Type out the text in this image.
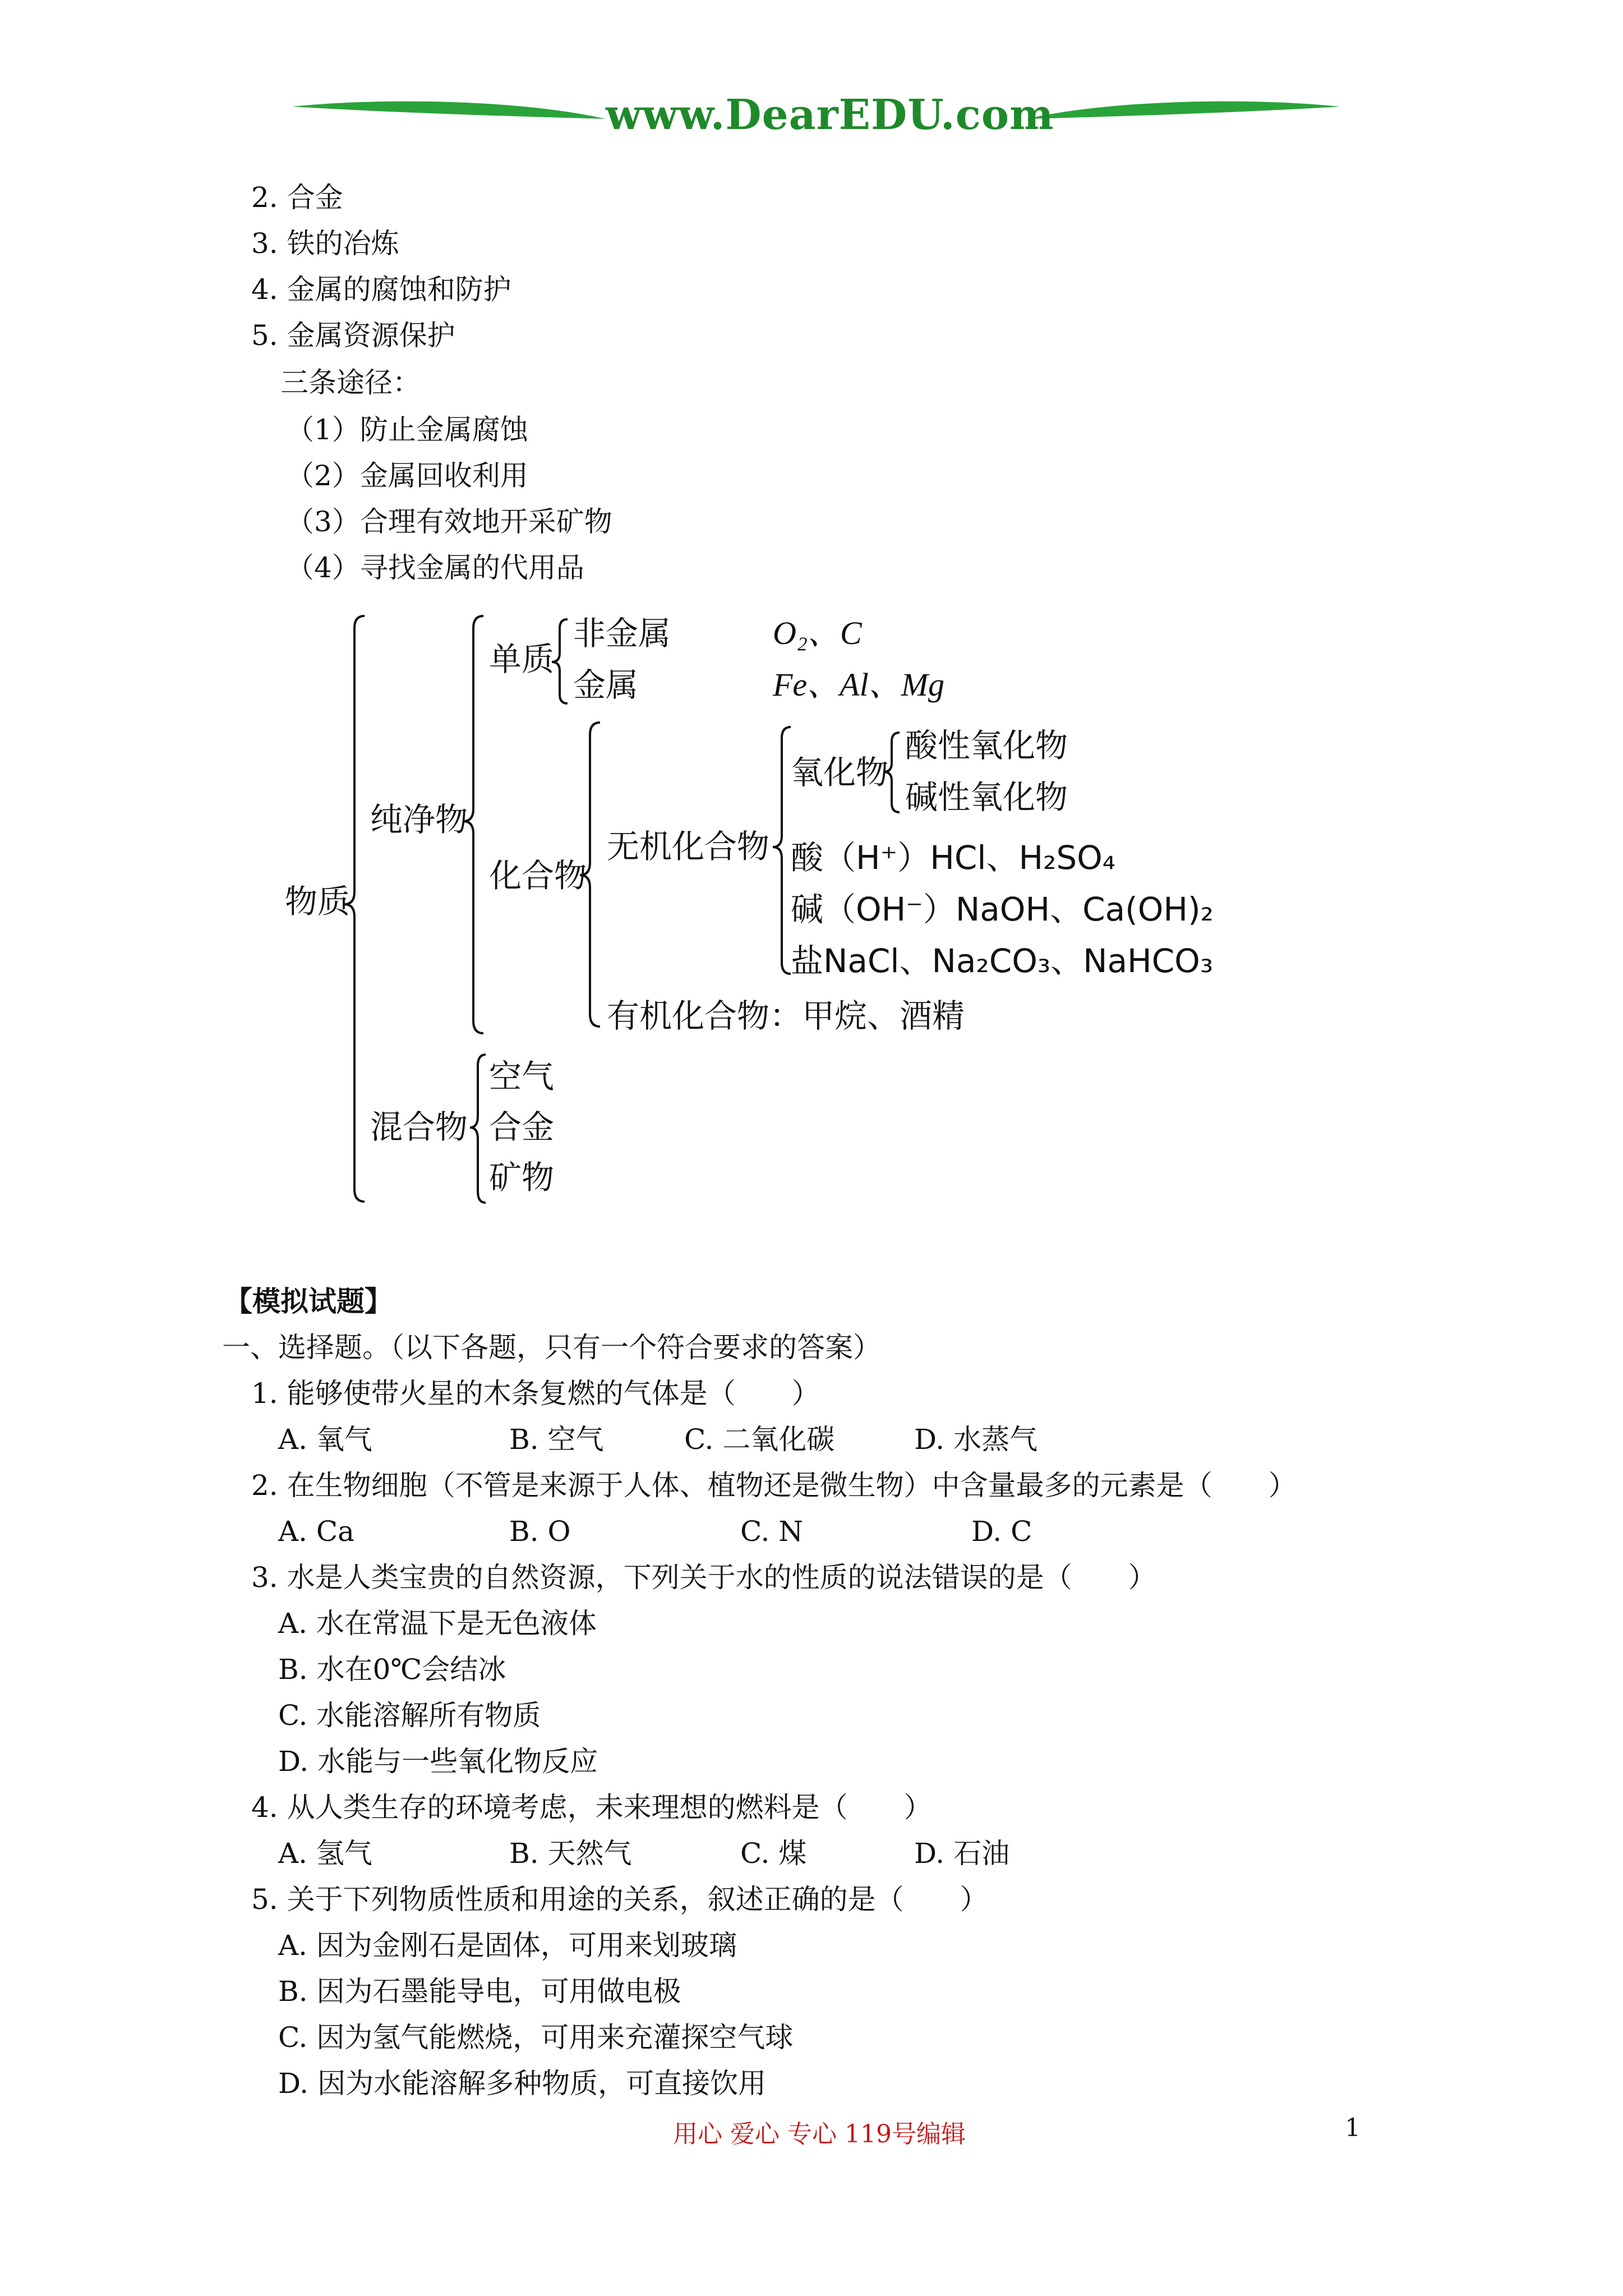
www.DearEDU.com
2. 合金
3. 铁的冶炼
4. 金属的腐蚀和防护
5. 金属资源保护
三条途径：
（1）防止金属腐蚀
（2）金属回收利用
（3）合理有效地开采矿物
（4）寻找金属的代用品
物质
纯净物
单质
非金属	O₂、C
金属	Fe、Al、Mg
化合物
无机化合物
氧化物
酸性氧化物
碱性氧化物
酸（H⁺）HCl、H₂SO₄
碱（OH⁻）NaOH、Ca(OH)₂
盐NaCl、Na₂CO₃、NaHCO₃
有机化合物：甲烷、酒精
混合物
空气
合金
矿物
【模拟试题】
一、选择题。（以下各题，只有一个符合要求的答案）
1. 能够使带火星的木条复燃的气体是（　　）
A. 氧气	B. 空气	C. 二氧化碳	D. 水蒸气
2. 在生物细胞（不管是来源于人体、植物还是微生物）中含量最多的元素是（　　）
A. Ca	B. O	C. N	D. C
3. 水是人类宝贵的自然资源，下列关于水的性质的说法错误的是（　　）
A. 水在常温下是无色液体
B. 水在0℃会结冰
C. 水能溶解所有物质
D. 水能与一些氧化物反应
4. 从人类生存的环境考虑，未来理想的燃料是（　　）
A. 氢气	B. 天然气	C. 煤	D. 石油
5. 关于下列物质性质和用途的关系，叙述正确的是（　　）
A. 因为金刚石是固体，可用来划玻璃
B. 因为石墨能导电，可用做电极
C. 因为氢气能燃烧，可用来充灌探空气球
D. 因为水能溶解多种物质，可直接饮用
用心 爱心 专心 119号编辑	1
